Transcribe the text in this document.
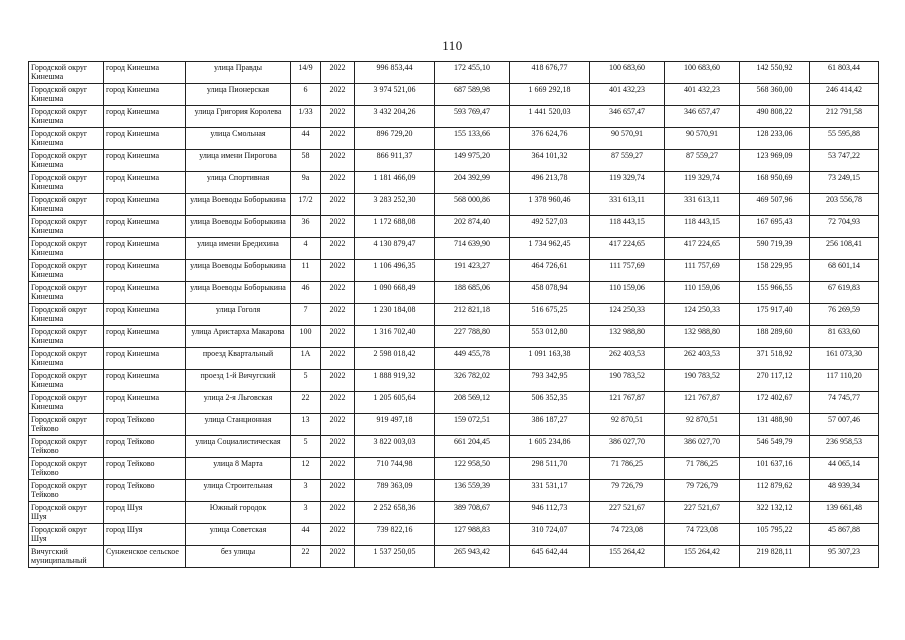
110
Городской округ Кинешма	город Кинешма	улица Правды	14/9	2022	996 853,44	172 455,10	418 676,77	100 683,60	100 683,60	142 550,92	61 803,44
Городской округ Кинешма	город Кинешма	улица Пионерская	6	2022	3 974 521,06	687 589,98	1 669 292,18	401 432,23	401 432,23	568 360,00	246 414,42
Городской округ Кинешма	город Кинешма	улица Григория Королева	1/33	2022	3 432 204,26	593 769,47	1 441 520,03	346 657,47	346 657,47	490 808,22	212 791,58
Городской округ Кинешма	город Кинешма	улица Смольная	44	2022	896 729,20	155 133,66	376 624,76	90 570,91	90 570,91	128 233,06	55 595,88
Городской округ Кинешма	город Кинешма	улица имени Пирогова	58	2022	866 911,37	149 975,20	364 101,32	87 559,27	87 559,27	123 969,09	53 747,22
Городской округ Кинешма	город Кинешма	улица Спортивная	9а	2022	1 181 466,09	204 392,99	496 213,78	119 329,74	119 329,74	168 950,69	73 249,15
Городской округ Кинешма	город Кинешма	улица Воеводы Боборыкина	17/2	2022	3 283 252,30	568 000,86	1 378 960,46	331 613,11	331 613,11	469 507,96	203 556,78
Городской округ Кинешма	город Кинешма	улица Воеводы Боборыкина	36	2022	1 172 688,08	202 874,40	492 527,03	118 443,15	118 443,15	167 695,43	72 704,93
Городской округ Кинешма	город Кинешма	улица имени Бредихина	4	2022	4 130 879,47	714 639,90	1 734 962,45	417 224,65	417 224,65	590 719,39	256 108,41
Городской округ Кинешма	город Кинешма	улица Воеводы Боборыкина	11	2022	1 106 496,35	191 423,27	464 726,61	111 757,69	111 757,69	158 229,95	68 601,14
Городской округ Кинешма	город Кинешма	улица Воеводы Боборыкина	46	2022	1 090 668,49	188 685,06	458 078,94	110 159,06	110 159,06	155 966,55	67 619,83
Городской округ Кинешма	город Кинешма	улица Гоголя	7	2022	1 230 184,08	212 821,18	516 675,25	124 250,33	124 250,33	175 917,40	76 269,59
Городской округ Кинешма	город Кинешма	улица Аристарха Макарова	100	2022	1 316 702,40	227 788,80	553 012,80	132 988,80	132 988,80	188 289,60	81 633,60
Городской округ Кинешма	город Кинешма	проезд Квартальный	1А	2022	2 598 018,42	449 455,78	1 091 163,38	262 403,53	262 403,53	371 518,92	161 073,30
Городской округ Кинешма	город Кинешма	проезд 1-й Вичугский	5	2022	1 888 919,32	326 782,02	793 342,95	190 783,52	190 783,52	270 117,12	117 110,20
Городской округ Кинешма	город Кинешма	улица 2-я Льговская	22	2022	1 205 605,64	208 569,12	506 352,35	121 767,87	121 767,87	172 402,67	74 745,77
Городской округ Тейково	город Тейково	улица Станционная	13	2022	919 497,18	159 072,51	386 187,27	92 870,51	92 870,51	131 488,90	57 007,46
Городской округ Тейково	город Тейково	улица Социалистическая	5	2022	3 822 003,03	661 204,45	1 605 234,86	386 027,70	386 027,70	546 549,79	236 958,53
Городской округ Тейково	город Тейково	улица 8 Марта	12	2022	710 744,98	122 958,50	298 511,70	71 786,25	71 786,25	101 637,16	44 065,14
Городской округ Тейково	город Тейково	улица Строительная	3	2022	789 363,09	136 559,39	331 531,17	79 726,79	79 726,79	112 879,62	48 939,34
Городской округ Шуя	город Шуя	Южный городок	3	2022	2 252 658,36	389 708,67	946 112,73	227 521,67	227 521,67	322 132,12	139 661,48
Городской округ Шуя	город Шуя	улица Советская	44	2022	739 822,16	127 988,83	310 724,07	74 723,08	74 723,08	105 795,22	45 867,88
Вичугский муниципальный	Сунженское сельское	без улицы	22	2022	1 537 250,05	265 943,42	645 642,44	155 264,42	155 264,42	219 828,11	95 307,23
